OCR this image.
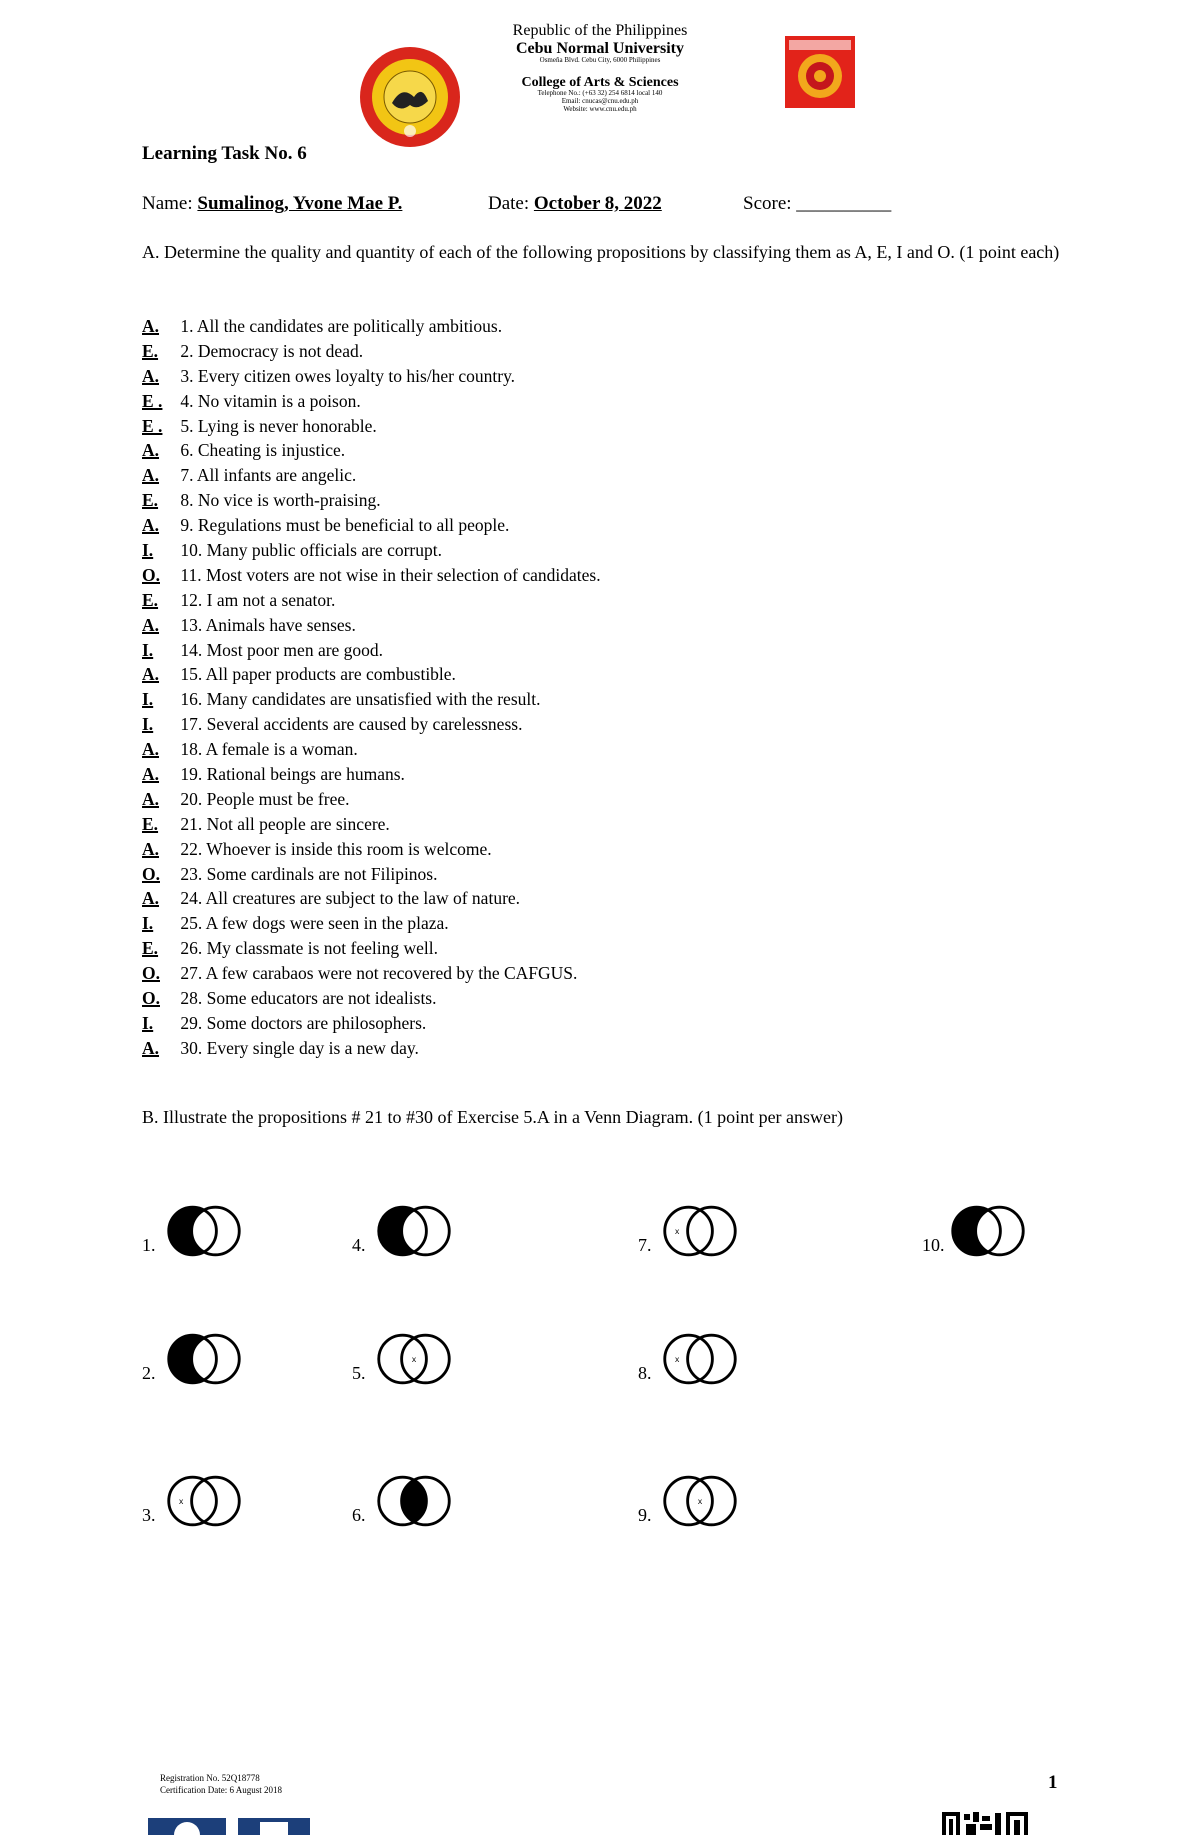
Republic of the Philippines
Cebu Normal University
Osmeña Blvd. Cebu City, 6000 Philippines
College of Arts & Sciences
Telephone No.: (+63 32) 254 6814 local 140
Email: cnucas@cnu.edu.ph
Website: www.cnu.edu.ph
Learning Task No. 6
Name: Sumalinog, Yvone Mae P.	Date: October 8, 2022	Score: __________
A. Determine the quality and quantity of each of the following propositions by classifying them as A, E, I and O. (1 point each)
A. 1. All the candidates are politically ambitious.
E. 2. Democracy is not dead.
A. 3. Every citizen owes loyalty to his/her country.
E . 4. No vitamin is a poison.
E . 5. Lying is never honorable.
A. 6. Cheating is injustice.
A. 7. All infants are angelic.
E. 8. No vice is worth-praising.
A. 9. Regulations must be beneficial to all people.
I. 10. Many public officials are corrupt.
O. 11. Most voters are not wise in their selection of candidates.
E. 12. I am not a senator.
A. 13. Animals have senses.
I. 14. Most poor men are good.
A. 15. All paper products are combustible.
I. 16. Many candidates are unsatisfied with the result.
I. 17. Several accidents are caused by carelessness.
A. 18. A female is a woman.
A. 19. Rational beings are humans.
A. 20. People must be free.
E. 21. Not all people are sincere.
A. 22. Whoever is inside this room is welcome.
O. 23. Some cardinals are not Filipinos.
A. 24. All creatures are subject to the law of nature.
I. 25. A few dogs were seen in the plaza.
E. 26. My classmate is not feeling well.
O. 27. A few carabaos were not recovered by the CAFGUS.
O. 28. Some educators are not idealists.
I. 29. Some doctors are philosophers.
A. 30. Every single day is a new day.
B. Illustrate the propositions # 21 to #30 of Exercise 5.A in a Venn Diagram. (1 point per answer)
1.
2.
3.
x
4.
5.
x
6.
7.
x
8.
x
9.
x
10.
Registration No. 52Q18778
Certification Date: 6 August 2018	1
